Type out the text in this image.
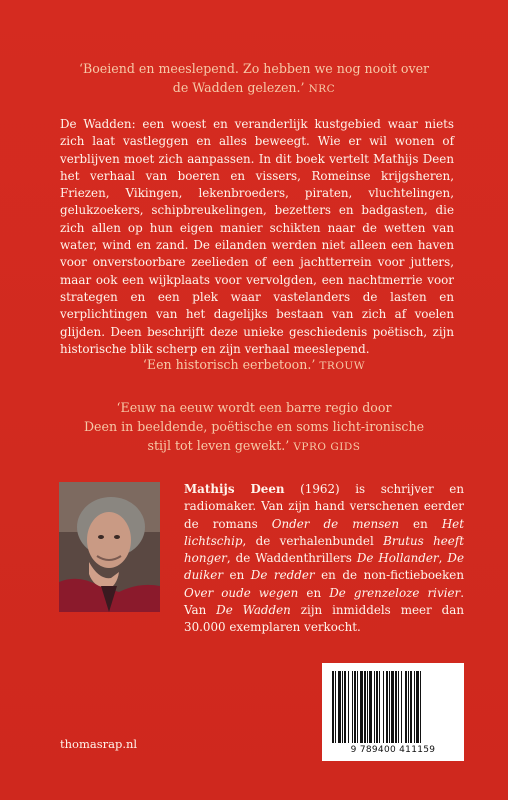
‘Boeiend en meeslepend. Zo hebben we nog nooit over
de Wadden gelezen.’ NRC

De Wadden: een woest en veranderlijk kustgebied waar niets zich laat vastleggen en alles beweegt. Wie er wil wonen of verblijven moet zich aanpassen. In dit boek vertelt Mathijs Deen het verhaal van boeren en vissers, Romeinse krijgsheren, Friezen, Vikingen, lekenbroeders, piraten, vluchtelingen, gelukzoekers, schipbreukelingen, bezetters en badgasten, die zich allen op hun eigen manier schikten naar de wetten van water, wind en zand. De eilanden werden niet alleen een haven voor onverstoorbare zeelieden of een jachtterrein voor jutters, maar ook een wijkplaats voor vervolgden, een nachtmerrie voor strategen en een plek waar vastelanders de lasten en verplichtingen van het dagelijks bestaan van zich af voelen glijden. Deen beschrijft deze unieke geschiedenis poëtisch, zijn historische blik scherp en zijn verhaal meeslepend.

‘Een historisch eerbetoon.’ TROUW
‘Eeuw na eeuw wordt een barre regio door
Deen in beeldende, poëtische en soms licht-ironische
stijl tot leven gewekt.’ VPRO GIDS
Mathijs Deen (1962) is schrijver en radiomaker. Van zijn hand verschenen eerder de romans Onder de mensen en Het lichtschip, de verhalenbundel Brutus heeft honger, de Waddenthrillers De Hollander, De duiker en De redder en de non-fictieboeken Over oude wegen en De grenzeloze rivier. Van De Wadden zijn inmiddels meer dan 30.000 exemplaren verkocht.
9 789400 411159
thomasrap.nl
